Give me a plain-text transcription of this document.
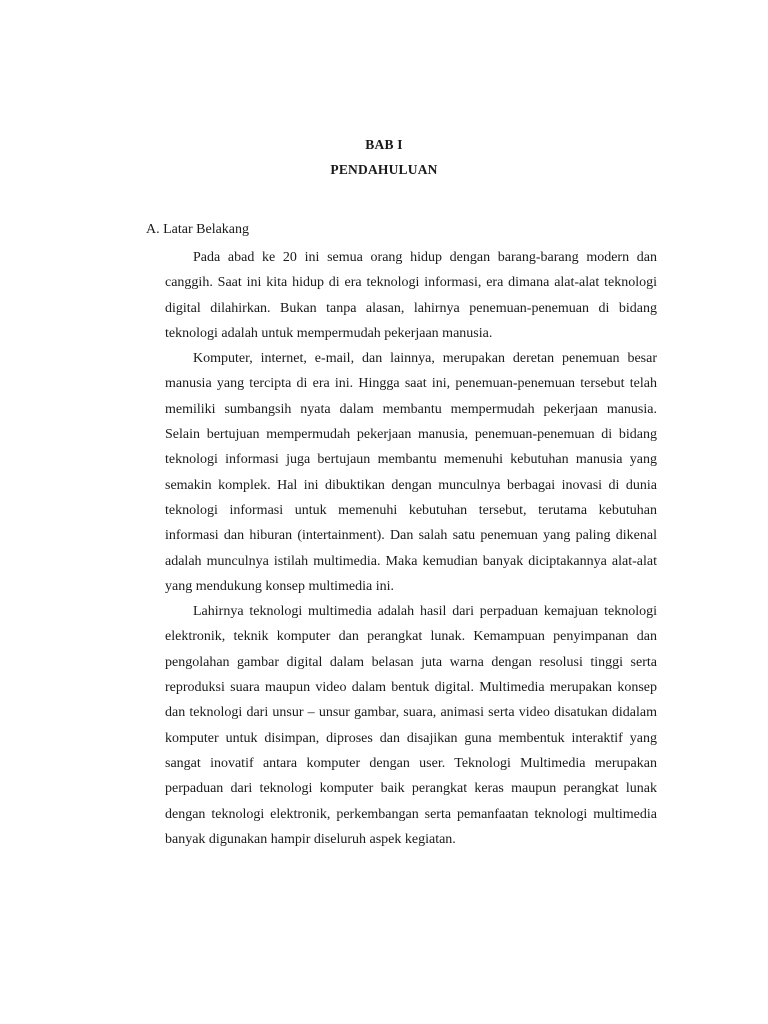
BAB I
PENDAHULUAN
A. Latar Belakang

Pada abad ke 20 ini semua orang hidup dengan barang-barang modern dan canggih. Saat ini kita hidup di era teknologi informasi, era dimana alat-alat teknologi digital dilahirkan. Bukan tanpa alasan, lahirnya penemuan-penemuan di bidang teknologi adalah untuk mempermudah pekerjaan manusia.

Komputer, internet, e-mail, dan lainnya, merupakan deretan penemuan besar manusia yang tercipta di era ini. Hingga saat ini, penemuan-penemuan tersebut telah memiliki sumbangsih nyata dalam membantu mempermudah pekerjaan manusia. Selain bertujuan mempermudah pekerjaan manusia, penemuan-penemuan di bidang teknologi informasi juga bertujaun membantu memenuhi kebutuhan manusia yang semakin komplek. Hal ini dibuktikan dengan munculnya berbagai inovasi di dunia teknologi informasi untuk memenuhi kebutuhan tersebut, terutama kebutuhan informasi dan hiburan (intertainment). Dan salah satu penemuan yang paling dikenal adalah munculnya istilah multimedia. Maka kemudian banyak diciptakannya alat-alat yang mendukung konsep multimedia ini.

Lahirnya teknologi multimedia adalah hasil dari perpaduan kemajuan teknologi elektronik, teknik komputer dan perangkat lunak. Kemampuan penyimpanan dan pengolahan gambar digital dalam belasan juta warna dengan resolusi tinggi serta reproduksi suara maupun video dalam bentuk digital. Multimedia merupakan konsep dan teknologi dari unsur – unsur gambar, suara, animasi serta video disatukan didalam komputer untuk disimpan, diproses dan disajikan guna membentuk interaktif yang sangat inovatif antara komputer dengan user. Teknologi Multimedia merupakan perpaduan dari teknologi komputer baik perangkat keras maupun perangkat lunak dengan teknologi elektronik, perkembangan serta pemanfaatan teknologi multimedia banyak digunakan hampir diseluruh aspek kegiatan.
